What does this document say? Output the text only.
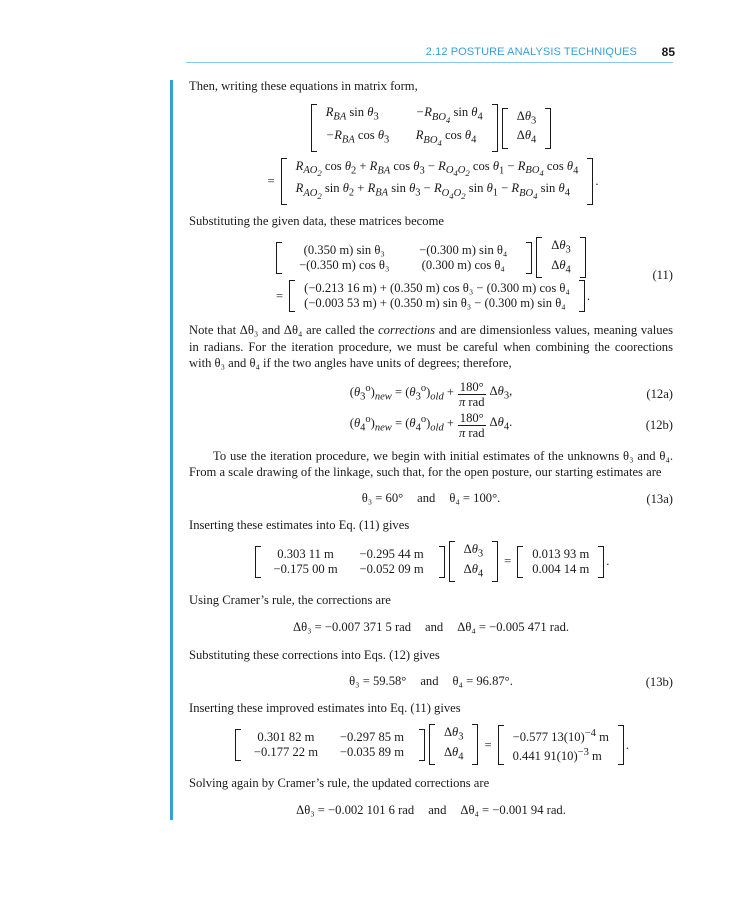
2.12 POSTURE ANALYSIS TECHNIQUES 85

Then, writing these equations in matrix form,

$R_{BA}$ $\sin \theta_3$	$-R_{BO_4}$ $\sin \theta_4$
$-R_{BA}$ $\cos \theta_3$	$R_{BO_4}$ $\cos \theta_4$
$\Delta\theta_3$
$\Delta\theta_4$
=
$R_{AO_2}$ $\cos \theta_2 + R_{BA}$ $\cos \theta_3 - R_{O_4O_2}$ $\cos \theta_1 - R_{BO_4}$ $\cos \theta_4$
$R_{AO_2}$ $\sin \theta_2 + R_{BA}$ $\sin \theta_3 - R_{O_4O_2}$ $\sin \theta_1 - R_{BO_4}$ $\sin \theta_4$
.

Substituting the given data, these matrices become

(0.350 m) sin θ₃	−(0.300 m) sin θ₄
−(0.350 m) cos θ₃	(0.300 m) cos θ₄
$\Delta\theta_3$
$\Delta\theta_4$
=
(−0.213 16 m) + (0.350 m) cos θ₃ − (0.300 m) cos θ₄
(−0.003 53 m) + (0.350 m) sin θ₃ − (0.300 m) sin θ₄
.
(11)

Note that Δθ₃ and Δθ₄ are called the corrections and are dimensionless values, meaning values in radians. For the iteration procedure, we must be careful when combining the coorections with θ₃ and θ₄ if the two angles have units of degrees; therefore,

$(\theta_3^o)_{new} = (\theta_3^o)_{old} + \frac{180^\circ}{\text{π rad}} \Delta\theta_3$,	(12a)
$(\theta_4^o)_{new} = (\theta_4^o)_{old} + \frac{180^\circ}{\text{π rad}} \Delta\theta_4$.	(12b)

To use the iteration procedure, we begin with initial estimates of the unknowns θ₃ and θ₄. From a scale drawing of the linkage, such that, for the open posture, our starting estimates are

θ₃ = 60° and θ₄ = 100°.	(13a)

Inserting these estimates into Eq. (11) gives

0.303 11 m	−0.295 44 m
−0.175 00 m	−0.052 09 m
$\Delta\theta_3$
$\Delta\theta_4$
=
0.013 93 m
0.004 14 m
.

Using Cramer’s rule, the corrections are

Δθ₃ = −0.007 371 5 rad and Δθ₄ = −0.005 471 rad.

Substituting these corrections into Eqs. (12) gives

θ₃ = 59.58° and θ₄ = 96.87°.	(13b)

Inserting these improved estimates into Eq. (11) gives

0.301 82 m	−0.297 85 m
−0.177 22 m	−0.035 89 m
$\Delta\theta_3$
$\Delta\theta_4$
=
−0.577 $13(10)^{-4}$ m
0.441 $91(10)^{-3}$ m
.

Solving again by Cramer’s rule, the updated corrections are

Δθ₃ = −0.002 101 6 rad and Δθ₄ = −0.001 94 rad.
